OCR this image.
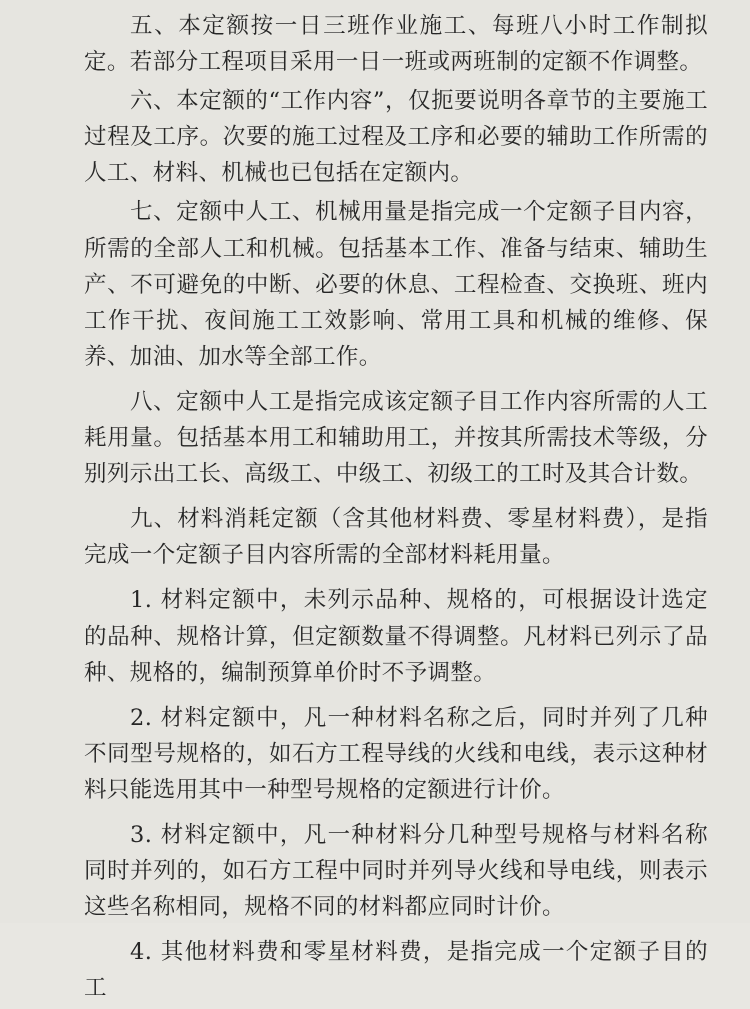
五、本定额按一日三班作业施工、每班八小时工作制拟定。若部分工程项目采用一日一班或两班制的定额不作调整。

六、本定额的“工作内容”，仅扼要说明各章节的主要施工过程及工序。次要的施工过程及工序和必要的辅助工作所需的人工、材料、机械也已包括在定额内。

七、定额中人工、机械用量是指完成一个定额子目内容，所需的全部人工和机械。包括基本工作、准备与结束、辅助生产、不可避免的中断、必要的休息、工程检查、交换班、班内工作干扰、夜间施工工效影响、常用工具和机械的维修、保养、加油、加水等全部工作。

八、定额中人工是指完成该定额子目工作内容所需的人工耗用量。包括基本用工和辅助用工，并按其所需技术等级，分别列示出工长、高级工、中级工、初级工的工时及其合计数。

九、材料消耗定额（含其他材料费、零星材料费），是指完成一个定额子目内容所需的全部材料耗用量。

1. 材料定额中，未列示品种、规格的，可根据设计选定的品种、规格计算，但定额数量不得调整。凡材料已列示了品种、规格的，编制预算单价时不予调整。

2. 材料定额中，凡一种材料名称之后，同时并列了几种不同型号规格的，如石方工程导线的火线和电线，表示这种材料只能选用其中一种型号规格的定额进行计价。

3. 材料定额中，凡一种材料分几种型号规格与材料名称同时并列的，如石方工程中同时并列导火线和导电线，则表示这些名称相同，规格不同的材料都应同时计价。

4. 其他材料费和零星材料费，是指完成一个定额子目的工
